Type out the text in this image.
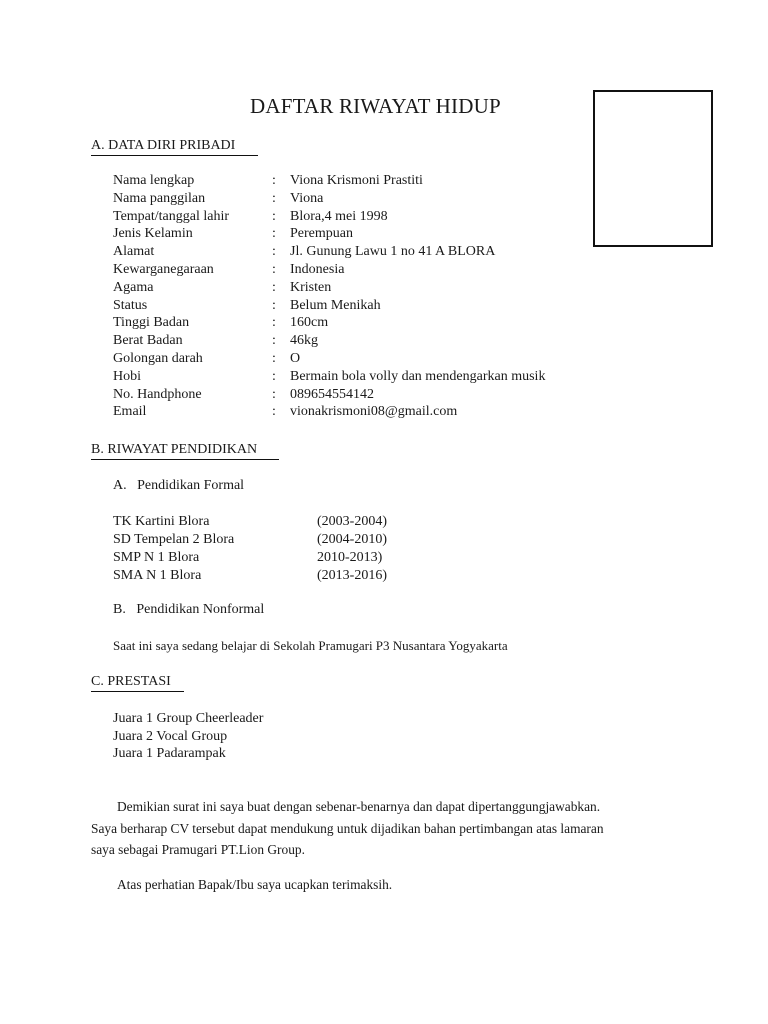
DAFTAR RIWAYAT HIDUP
A. DATA DIRI PRIBADI
Nama lengkap	: Viona Krismoni Prastiti
Nama panggilan	: Viona
Tempat/tanggal lahir	: Blora,4 mei 1998
Jenis Kelamin	: Perempuan
Alamat	: Jl. Gunung Lawu 1 no 41 A BLORA
Kewarganegaraan	: Indonesia
Agama	: Kristen
Status	: Belum Menikah
Tinggi Badan	: 160cm
Berat Badan	: 46kg
Golongan darah	: O
Hobi	: Bermain bola volly dan mendengarkan musik
No. Handphone	: 089654554142
Email	: vionakrismoni08@gmail.com
B. RIWAYAT PENDIDIKAN
A. Pendidikan Formal
TK Kartini Blora	(2003-2004)
SD Tempelan 2 Blora	(2004-2010)
SMP N 1 Blora	2010-2013)
SMA N 1 Blora	(2013-2016)
B. Pendidikan Nonformal
Saat ini saya sedang belajar di Sekolah Pramugari P3 Nusantara Yogyakarta
C. PRESTASI
Juara 1 Group Cheerleader
Juara 2 Vocal Group
Juara 1 Padarampak
Demikian surat ini saya buat dengan sebenar-benarnya dan dapat dipertanggungjawabkan.
Saya berharap CV tersebut dapat mendukung untuk dijadikan bahan pertimbangan atas lamaran
saya sebagai Pramugari PT.Lion Group.
Atas perhatian Bapak/Ibu saya ucapkan terimaksih.
